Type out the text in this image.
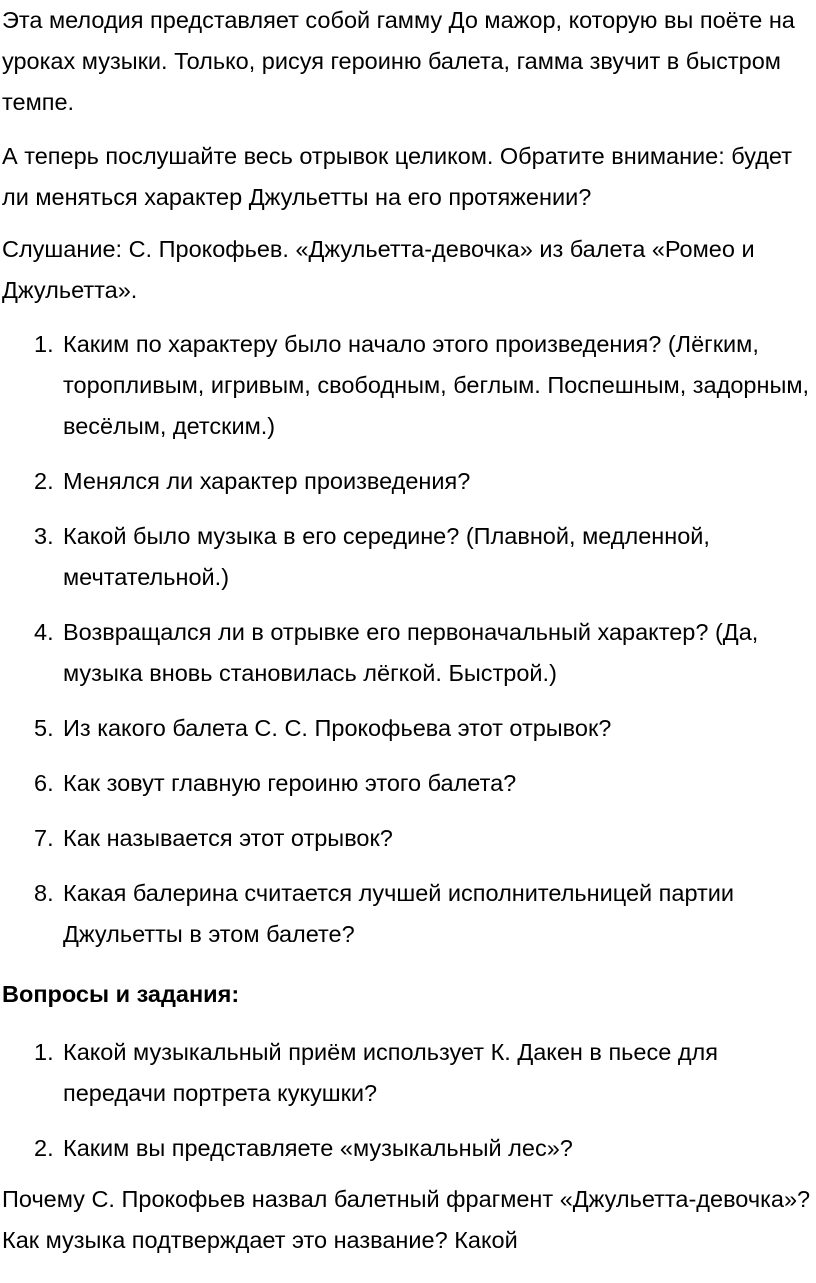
Эта мелодия представляет собой гамму До мажор, которую вы поёте на уроках музыки. Только, рисуя героиню балета, гамма звучит в быстром темпе.

А теперь послушайте весь отрывок целиком. Обратите внимание: будет ли меняться характер Джульетты на его протяжении?

Слушание: С. Прокофьев. «Джульетта-девочка» из балета «Ромео и Джульетта».

1. Каким по характеру было начало этого произведения? (Лёгким, торопливым, игривым, свободным, беглым. Поспешным, задорным, весёлым, детским.)
2. Менялся ли характер произведения?
3. Какой было музыка в его середине? (Плавной, медленной, мечтательной.)
4. Возвращался ли в отрывке его первоначальный характер? (Да, музыка вновь становилась лёгкой. Быстрой.)
5. Из какого балета С. С. Прокофьева этот отрывок?
6. Как зовут главную героиню этого балета?
7. Как называется этот отрывок?
8. Какая балерина считается лучшей исполнительницей партии Джульетты в этом балете?

Вопросы и задания:

1. Какой музыкальный приём использует К. Дакен в пьесе для передачи портрета кукушки?
2. Каким вы представляете «музыкальный лес»?

Почему С. Прокофьев назвал балетный фрагмент «Джульетта-девочка»? Как музыка подтверждает это название? Какой
